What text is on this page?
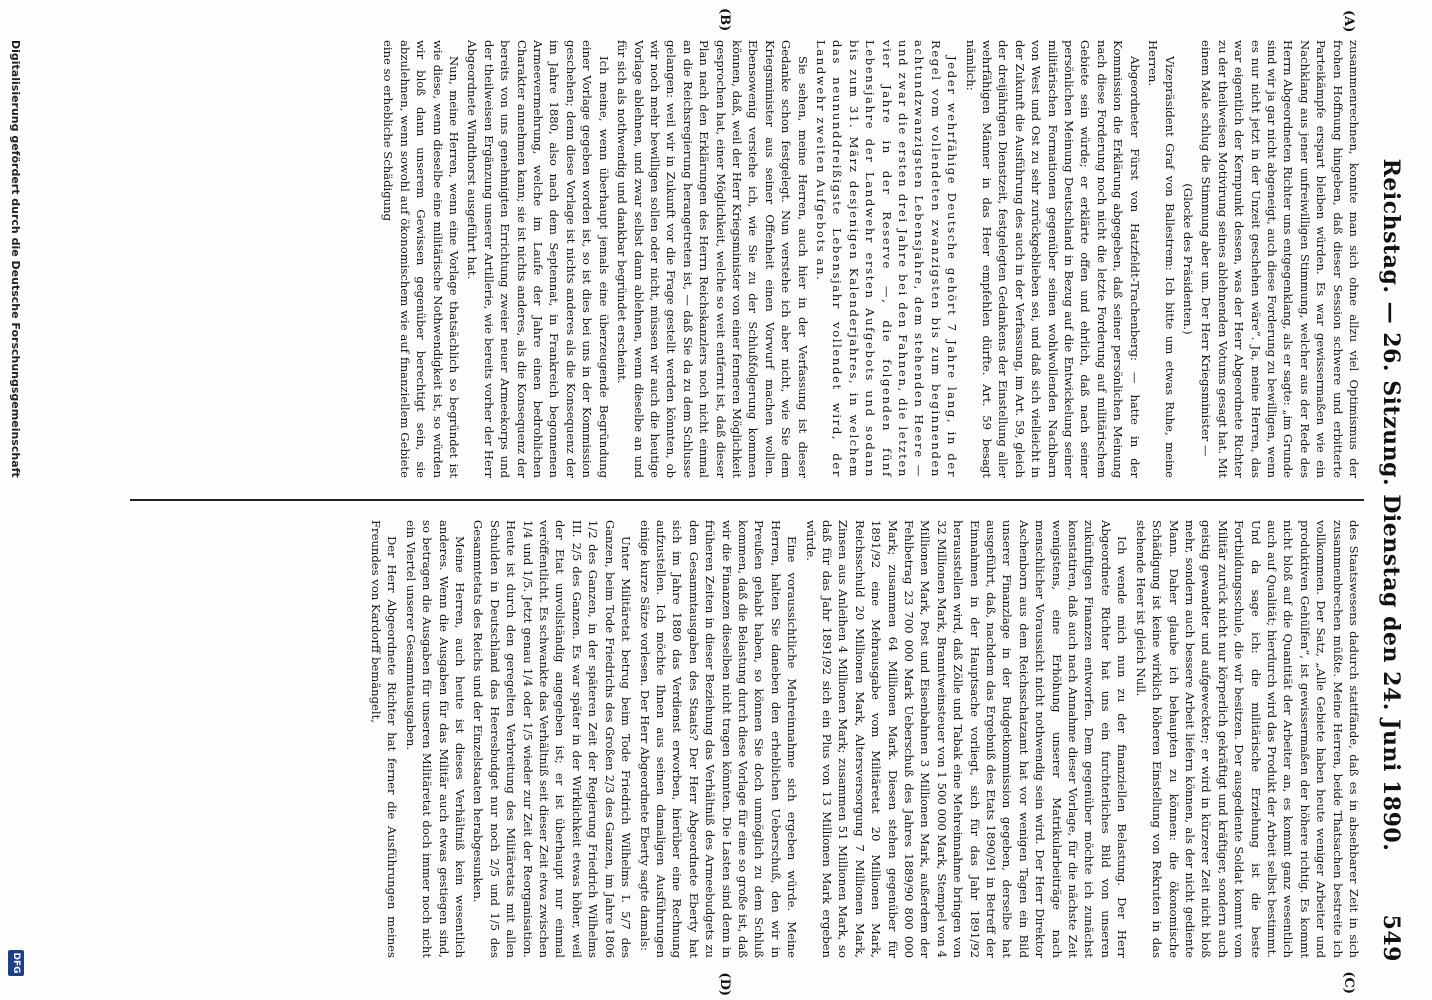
Reichstag. — 26. Sitzung. Dienstag den 24. Juni 1890.
549
(A)
(B)
(C)
(D)

zusammenrechnen, konnte man sich ohne allzu viel Optimismus der frohen Hoffnung hingeben, daß dieser Session schwere und erbitterte Parteikämpfe erspart bleiben würden. Es war gewissermaßen wie ein Nachklang aus jener unfreiwilligen Stimmung, welcher aus der Rede des Herrn Abgeordneten Richter uns entgegenklang, als er sagte: „im Grunde sind wir ja gar nicht abgeneigt, auch diese Forderung zu bewilligen, wenn es nur nicht jetzt in der Unzeit geschehen wäre“. Ja, meine Herren, das war eigentlich der Kernpunkt dessen, was der Herr Abgeordnete Richter zu der theilweisen Motivirung seines ablehnenden Votums gesagt hat. Mit einem Male schlug die Stimmung aber um. Der Herr Kriegsminister —

(Glocke des Präsidenten.)

Vizepräsident Graf von Ballestrem: Ich bitte um etwas Ruhe, meine Herren.

Abgeordneter Fürst von Hatzfeldt-Trachenberg: — hatte in der Kommission die Erklärung abgegeben, daß seiner persönlichen Meinung nach diese Forderung noch nicht die letzte Forderung auf militärischem Gebiete sein würde; er erklärte offen und ehrlich, daß nach seiner persönlichen Meinung Deutschland in Bezug auf die Entwickelung seiner militärischen Formationen gegenüber seinen wohlwollenden Nachbarn von West und Ost zu sehr zurückgeblieben sei, und daß sich vielleicht in der Zukunft die Ausführung des auch in der Verfassung, im Art. 59, gleich der dreijährigen Dienstzeit, festgelegten Gedankens der Einstellung aller wehrfähigen Männer in das Heer empfehlen dürfte. Art. 59 besagt nämlich:

Jeder wehrfähige Deutsche gehört 7 Jahre lang, in der Regel vom vollendeten zwanzigsten bis zum beginnenden achtundzwanzigsten Lebensjahre, dem stehenden Heere — und zwar die ersten drei Jahre bei den Fahnen, die letzten vier Jahre in der Reserve —, die folgenden fünf Lebensjahre der Landwehr ersten Aufgebots und sodann bis zum 31. März desjenigen Kalenderjahres, in welchem das neununddreißigste Lebensjahr vollendet wird, der Landwehr zweiten Aufgebots an.

Sie sehen, meine Herren, auch hier in der Verfassung ist dieser Gedanke schon festgelegt. Nun verstehe ich aber nicht, wie Sie dem Kriegsminister aus seiner Offenheit einen Vorwurf machen wollen. Ebensowenig verstehe ich, wie Sie zu der Schlußfolgerung kommen können, daß, weil der Herr Kriegsminister von einer ferneren Möglichkeit gesprochen hat, einer Möglichkeit, welche so weit entfernt ist, daß dieser Plan nach den Erklärungen des Herrn Reichskanzlers noch nicht einmal an die Reichsregierung herangetreten ist, — daß Sie da zu dem Schlusse gelangen: weil wir in Zukunft vor die Frage gestellt werden könnten, ob wir noch mehr bewilligen sollen oder nicht, müssen wir auch die heutige Vorlage ablehnen, und zwar selbst dann ablehnen, wenn dieselbe an und für sich als nothwendig und dankbar begründet erscheint.

Ich meine, wenn überhaupt jemals eine überzeugende Begründung einer Vorlage gegeben worden ist, so ist dies bei uns in der Kommission geschehen; denn diese Vorlage ist nichts anderes als die Konsequenz der im Jahre 1880, also nach dem Septennat, in Frankreich begonnenen Armeevermehrung, welche im Laufe der Jahre einen bedrohlichen Charakter annehmen kann; sie ist nichts anderes, als die Konsequenz der bereits von uns genehmigten Errichtung zweier neuer Armeekorps und der theilweisen Ergänzung unserer Artillerie, wie bereits vorher der Herr Abgeordnete Windthorst ausgeführt hat.

Nun, meine Herren, wenn eine Vorlage thatsächlich so begründet ist wie diese, wenn dieselbe eine militärische Nothwendigkeit ist, so würden wir bloß dann unserem Gewissen gegenüber berechtigt sein, sie abzulehnen, wenn sowohl auf ökonomischem wie auf finanziellem Gebiete eine so erhebliche Schädigung

des Staatswesens dadurch stattfände, daß es in absehbarer Zeit in sich zusammenbrechen müßte. Meine Herren, beide Thatsachen bestreite ich vollkommen. Der Satz, „Alle Gebiete haben heute weniger Arbeiter und produktiven Gehülfen“, ist gewissermaßen der höhere richtig. Es kommt nicht bloß auf die Quantität der Arbeiter an, es kommt ganz wesentlich auch auf Qualität; hierdurch wird das Produkt der Arbeit selbst bestimmt. Und da sage ich: die militärische Erziehung ist die beste Fortbildungsschule, die wir besitzen. Der ausgediente Soldat kommt vom Militär zurück nicht nur körperlich gekräftigt und kräftiger, sondern auch geistig gewandter und aufgeweckter; er wird in kürzerer Zeit nicht bloß mehr, sondern auch bessere Arbeit liefern können, als der nicht gediente Mann. Daher glaube ich behaupten zu können: die ökonomische Schädigung ist keine wirklich höheren Einstellung von Rekruten in das stehende Heer ist gleich Null.

Ich wende mich nun zu der finanziellen Belastung. Der Herr Abgeordnete Richter hat uns ein furchterliches Bild von unseren zukünftigen Finanzen entworfen. Dem gegenüber möchte ich zunächst konstatiren, daß auch nach Annahme dieser Vorlage, für die nächste Zeit wenigstens, eine Erhöhung unserer Matrikularbeiträge nach menschlicher Voraussicht nicht nothwendig sein wird. Der Herr Direktor Aschenborn aus dem Reichsschatzamt hat vor wenigen Tagen ein Bild unserer Finanzlage in der Budgetkommission gegeben, derselbe hat ausgeführt, daß, nachdem das Ergebniß des Etats 1890/91 in Betreff der Einnahmen in der Hauptsache vorliegt, sich für das Jahr 1891/92 herausstellen wird, daß Zölle und Tabak eine Mehreinnahme bringen von 32 Millionen Mark, Branntweinsteuer von 1 500 000 Mark, Stempel von 4 Millionen Mark, Post und Eisenbahnen 3 Millionen Mark, außerdem der Fehlbetrag 23 700 000 Mark Ueberschuß des Jahres 1889/90 800 000 Mark; zusammen 64 Millionen Mark. Diesen stehen gegenüber für 1891/92 eine Mehrausgabe vom Militäretat 20 Millionen Mark, Reichsschuld 20 Millionen Mark, Altersversorgung 7 Millionen Mark, Zinsen aus Anleihen 4 Millionen Mark; zusammen 51 Millionen Mark, so daß für das Jahr 1891/92 sich ein Plus von 13 Millionen Mark ergeben würde.

Eine voraussichtliche Mehreinnahme sich ergeben würde. Meine Herren, halten Sie daneben den erheblichen Ueberschuß, den wir in Preußen gehabt haben, so können Sie doch unmöglich zu dem Schluß kommen, daß die Belastung durch diese Vorlage für eine so große ist, daß wir die Finanzen dieselben nicht tragen könnten. Die Lasten sind denn in früheren Zeiten in dieser Beziehung das Verhältniß des Armeebudgets zu dem Gesammtausgaben des Staats? Der Herr Abgeordnete Eberty hat sich im Jahre 1880 das Verdienst erworben, hierüber eine Rechnung aufzustellen. Ich möchte Ihnen aus seinen damaligen Ausführungen einige kurze Sätze vorlesen. Der Herr Abgeordnete Eberty sagte damals:

Unter Militäretat betrug beim Tode Friedrich Wilhelms I. 5/7 des Ganzen, beim Tode Friedrichs des Großen 2/3 des Ganzen, im Jahre 1806 1/2 des Ganzen, in der späteren Zeit der Regierung Friedrich Wilhelms III. 2/5 des Ganzen. Es war später in der Wirklichkeit etwas höher, weil der Etat unvollständig angegeben ist; er ist überhaupt nur einmal veröffentlicht. Es schwankte das Verhältniß seit dieser Zeit etwa zwischen 1/4 und 1/5. Jetzt genau 1/4 oder 1/5 wieder zur Zeit der Reorganisation. Heute ist durch den geregelten Verbreitung des Militäretats mit allen Schulden in Deutschland das Heeresbudget nur noch 2/5 und 1/5 des Gesammtetats des Reichs und der Einzelstaaten herabgesunken.

Meine Herren, auch heute ist dieses Verhältniß kein wesentlich anderes. Wenn die Ausgaben für das Militär auch etwas gestiegen sind, so betragen die Ausgaben für unseren Militäretat doch immer noch nicht ein Viertel unserer Gesammtausgaben.

Der Herr Abgeordnete Richter hat ferner die Ausführungen meines Freundes von Kardorff bemängelt,

Digitalisierung gefördert durch die Deutsche Forschungsgemeinschaft
DFG
